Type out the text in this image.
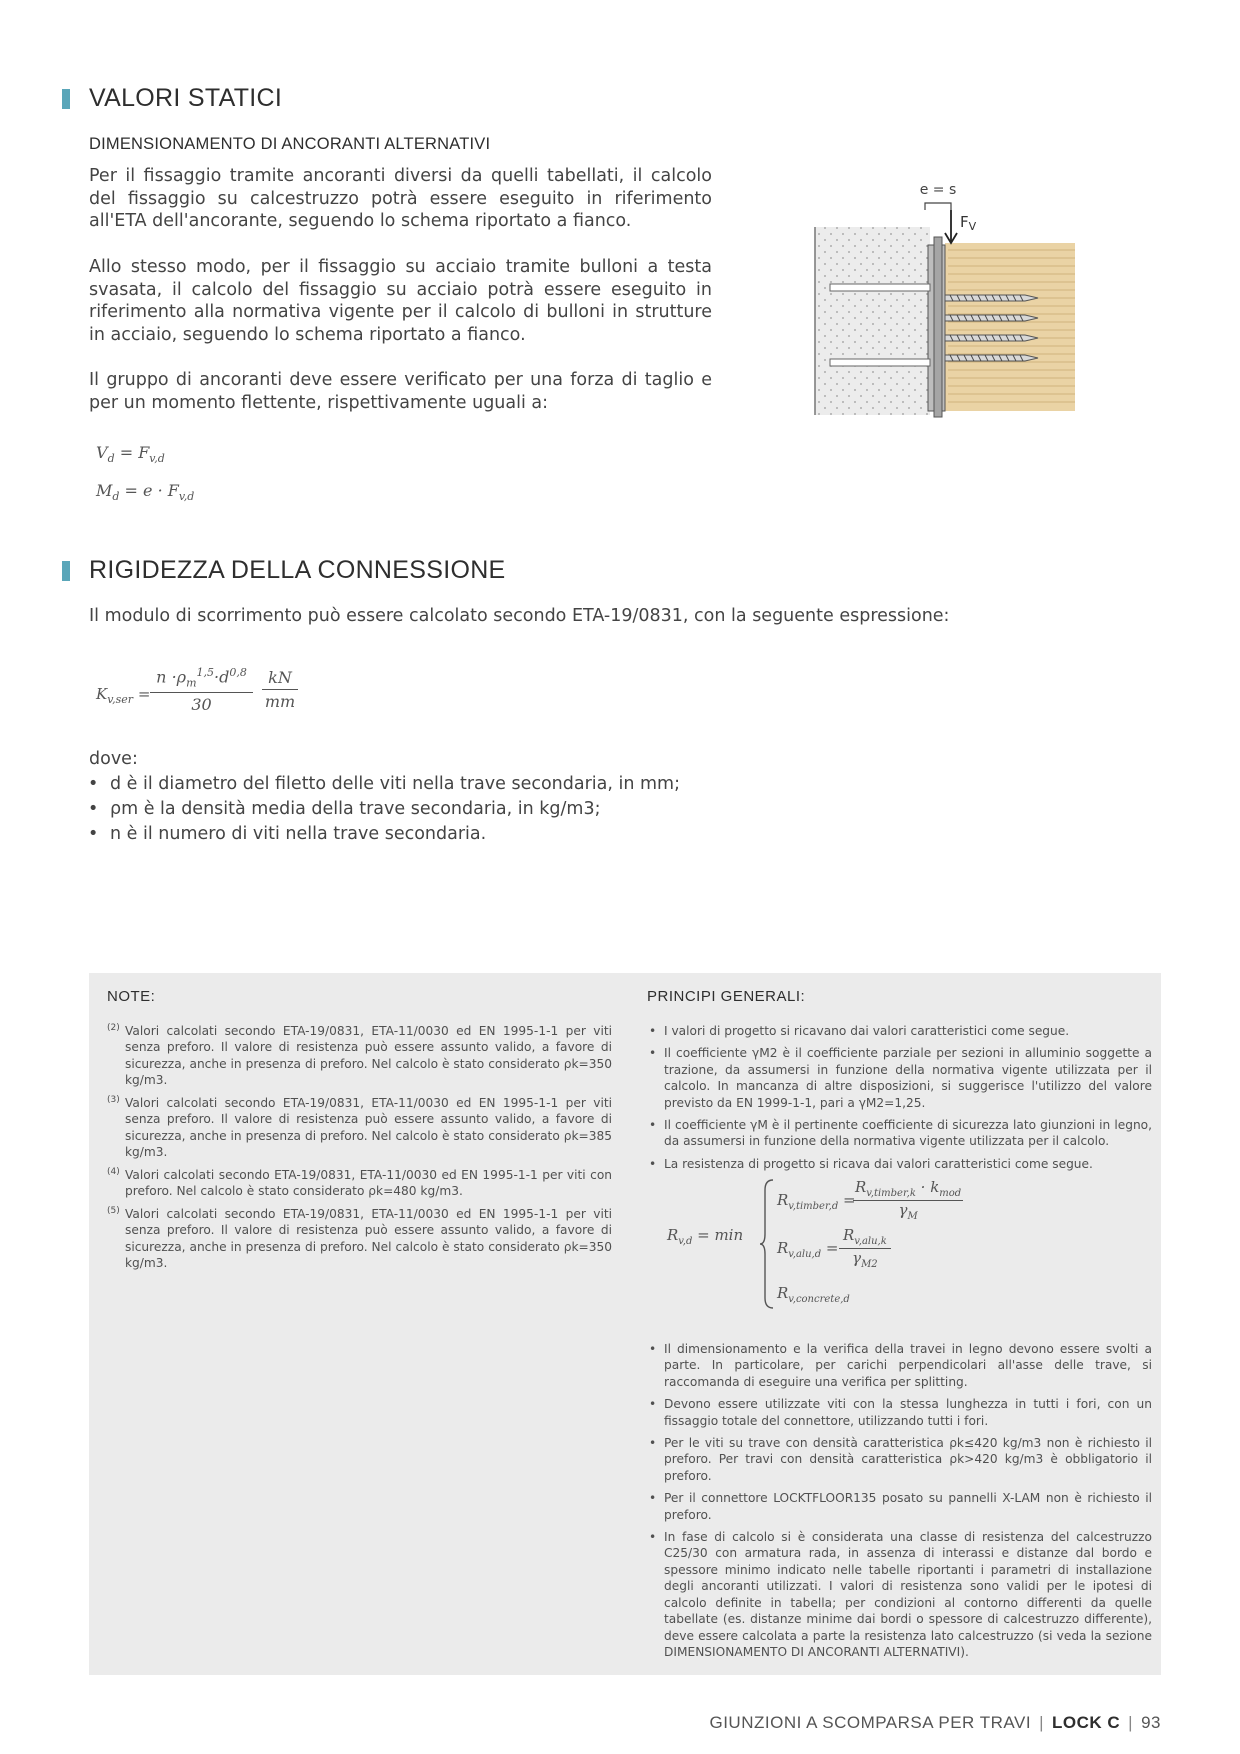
VALORI STATICI
DIMENSIONAMENTO DI ANCORANTI ALTERNATIVI

Per il fissaggio tramite ancoranti diversi da quelli tabellati, il calcolo del fissaggio su calcestruzzo potrà essere eseguito in riferimento all'ETA dell'ancorante, seguendo lo schema riportato a fianco.

Allo stesso modo, per il fissaggio su acciaio tramite bulloni a testa svasata, il calcolo del fissaggio su acciaio potrà essere eseguito in riferimento alla normativa vigente per il calcolo di bulloni in strutture in acciaio, seguendo lo schema riportato a fianco.

Il gruppo di ancoranti deve essere verificato per una forza di taglio e per un momento flettente, rispettivamente uguali a:

$V_d = F_{v,d}$
$M_d = e \cdot F_{v,d}$
e = s
$F_V$
RIGIDEZZA DELLA CONNESSIONE

Il modulo di scorrimento può essere calcolato secondo ETA-19/0831, con la seguente espressione:

$K_{v,ser} = \frac{n \cdot\rho_m^{1,5}\cdot d^{0,8}}{30} \frac{kN}{mm}$
dove:
• d è il diametro del filetto delle viti nella trave secondaria, in mm;
• ρm è la densità media della trave secondaria, in kg/m3;
• n è il numero di viti nella trave secondaria.
NOTE:
(2) Valori calcolati secondo ETA-19/0831, ETA-11/0030 ed EN 1995-1-1 per viti senza preforo. Il valore di resistenza può essere assunto valido, a favore di sicurezza, anche in presenza di preforo. Nel calcolo è stato considerato ρk=350 kg/m3.
(3) Valori calcolati secondo ETA-19/0831, ETA-11/0030 ed EN 1995-1-1 per viti senza preforo. Il valore di resistenza può essere assunto valido, a favore di sicurezza, anche in presenza di preforo. Nel calcolo è stato considerato ρk=385 kg/m3.
(4) Valori calcolati secondo ETA-19/0831, ETA-11/0030 ed EN 1995-1-1 per viti con preforo. Nel calcolo è stato considerato ρk=480 kg/m3.
(5) Valori calcolati secondo ETA-19/0831, ETA-11/0030 ed EN 1995-1-1 per viti senza preforo. Il valore di resistenza può essere assunto valido, a favore di sicurezza, anche in presenza di preforo. Nel calcolo è stato considerato ρk=350 kg/m3.
PRINCIPI GENERALI:
• I valori di progetto si ricavano dai valori caratteristici come segue.
• Il coefficiente γM2 è il coefficiente parziale per sezioni in alluminio soggette a trazione, da assumersi in funzione della normativa vigente utilizzata per il calcolo. In mancanza di altre disposizioni, si suggerisce l'utilizzo del valore previsto da EN 1999-1-1, pari a γM2=1,25.
• Il coefficiente γM è il pertinente coefficiente di sicurezza lato giunzioni in legno, da assumersi in funzione della normativa vigente utilizzata per il calcolo.
• La resistenza di progetto si ricava dai valori caratteristici come segue.
$R_{v,d} = \min$
$R_{v,timber,d}$ =
$R_{v,timber,k} \cdot k_{mod}$
$\gamma_M$
$R_{v,alu,d}$ =
$R_{v,alu,k}$
$\gamma_{M2}$
$R_{v,concrete,d}$
• Il dimensionamento e la verifica della travei in legno devono essere svolti a parte. In particolare, per carichi perpendicolari all'asse delle trave, si raccomanda di eseguire una verifica per splitting.
• Devono essere utilizzate viti con la stessa lunghezza in tutti i fori, con un fissaggio totale del connettore, utilizzando tutti i fori.
• Per le viti su trave con densità caratteristica ρk≤420 kg/m3 non è richiesto il preforo. Per travi con densità caratteristica ρk>420 kg/m3 è obbligatorio il preforo.
• Per il connettore LOCKTFLOOR135 posato su pannelli X-LAM non è richiesto il preforo.
• In fase di calcolo si è considerata una classe di resistenza del calcestruzzo C25/30 con armatura rada, in assenza di interassi e distanze dal bordo e spessore minimo indicato nelle tabelle riportanti i parametri di installazione degli ancoranti utilizzati. I valori di resistenza sono validi per le ipotesi di calcolo definite in tabella; per condizioni al contorno differenti da quelle tabellate (es. distanze minime dai bordi o spessore di calcestruzzo differente), deve essere calcolata a parte la resistenza lato calcestruzzo (si veda la sezione DIMENSIONAMENTO DI ANCORANTI ALTERNATIVI).
GIUNZIONI A SCOMPARSA PER TRAVI | LOCK C | 93
